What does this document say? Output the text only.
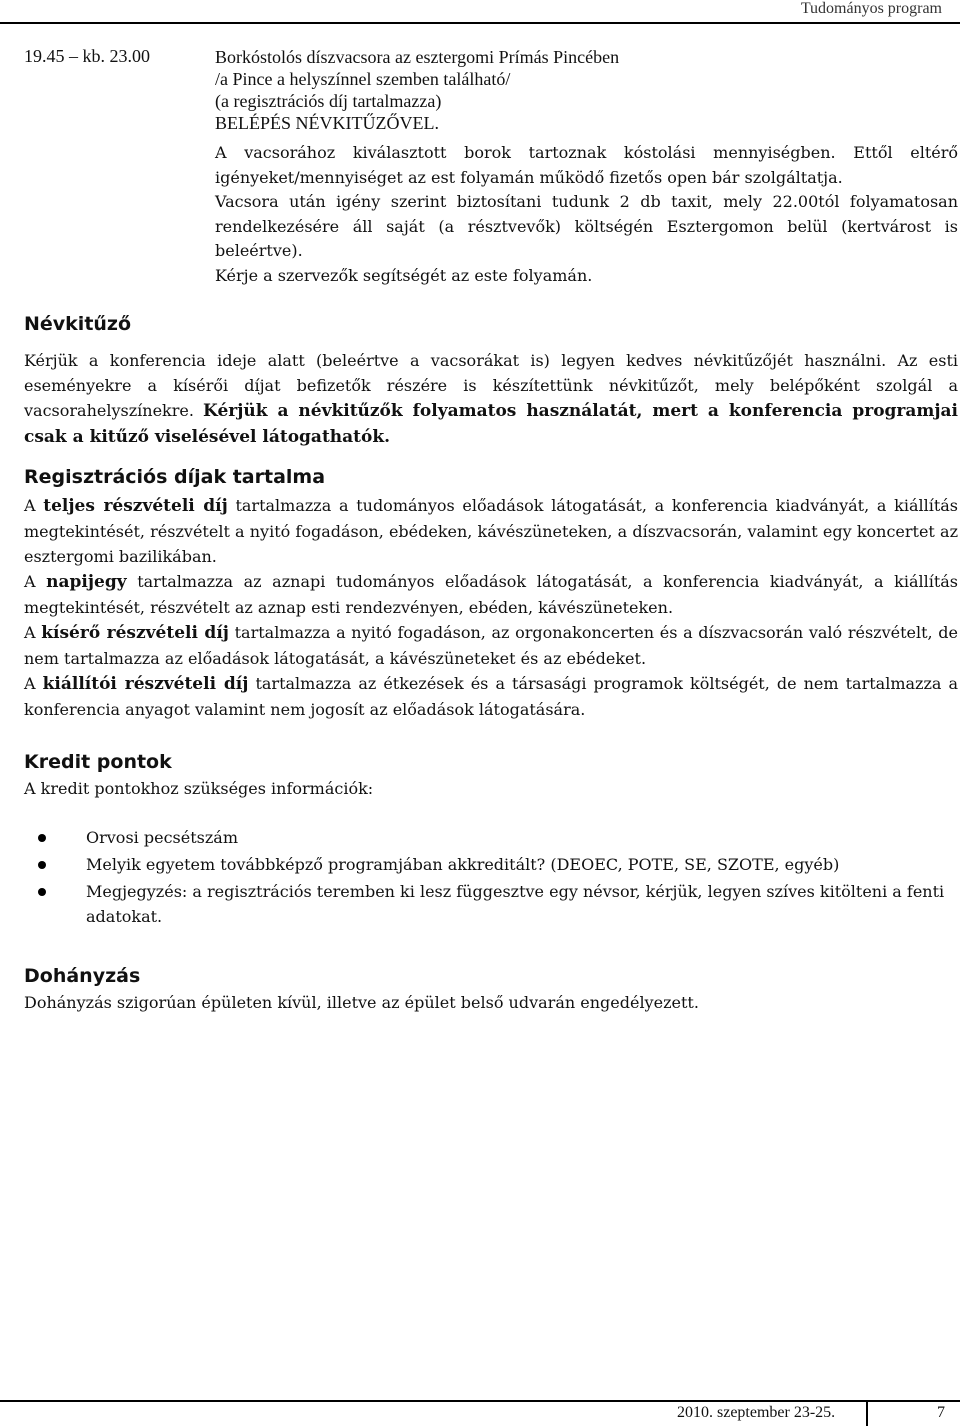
Tudományos program
19.45 – kb. 23.00	Borkóstolós díszvacsora az esztergomi Prímás Pincében
/a Pince a helyszínnel szemben található/
(a regisztrációs díj tartalmazza)
BELÉPÉS NÉVKITŰZŐVEL.
A vacsorához kiválasztott borok tartoznak kóstolási mennyiségben. Ettől eltérő igényeket/mennyiséget az est folyamán működő fizetős open bár szolgáltatja.
Vacsora után igény szerint biztosítani tudunk 2 db taxit, mely 22.00tól folyamatosan rendelkezésére áll saját (a résztvevők) költségén Esztergomon belül (kertvárost is beleértve).
Kérje a szervezők segítségét az este folyamán.
Névkitűző

Kérjük a konferencia ideje alatt (beleértve a vacsorákat is) legyen kedves névkitűzőjét használni. Az esti eseményekre a kísérői díjat befizetők részére is készítettünk névkitűzőt, mely belépőként szolgál a vacsorahelyszínekre. Kérjük a névkitűzők folyamatos használatát, mert a konferencia programjai csak a kitűző viselésével látogathatók.

Regisztrációs díjak tartalma

A teljes részvételi díj tartalmazza a tudományos előadások látogatását, a konferencia kiadványát, a kiállítás megtekintését, részvételt a nyitó fogadáson, ebédeken, kávészüneteken, a díszvacsorán, valamint egy koncertet az esztergomi bazilikában.

A napijegy tartalmazza az aznapi tudományos előadások látogatását, a konferencia kiadványát, a kiállítás megtekintését, részvételt az aznap esti rendezvényen, ebéden, kávészüneteken.

A kísérő részvételi díj tartalmazza a nyitó fogadáson, az orgonakoncerten és a díszvacsorán való részvételt, de nem tartalmazza az előadások látogatását, a kávészüneteket és az ebédeket.

A kiállítói részvételi díj tartalmazza az étkezések és a társasági programok költségét, de nem tartalmazza a konferencia anyagot valamint nem jogosít az előadások látogatására.

Kredit pontok

A kredit pontokhoz szükséges információk:

Orvosi pecsétszám
Melyik egyetem továbbképző programjában akkreditált? (DEOEC, POTE, SE, SZOTE, egyéb)
Megjegyzés: a regisztrációs teremben ki lesz függesztve egy névsor, kérjük, legyen szíves kitölteni a fenti adatokat.
Dohányzás

Dohányzás szigorúan épületen kívül, illetve az épület belső udvarán engedélyezett.

2010. szeptember 23-25.	7
